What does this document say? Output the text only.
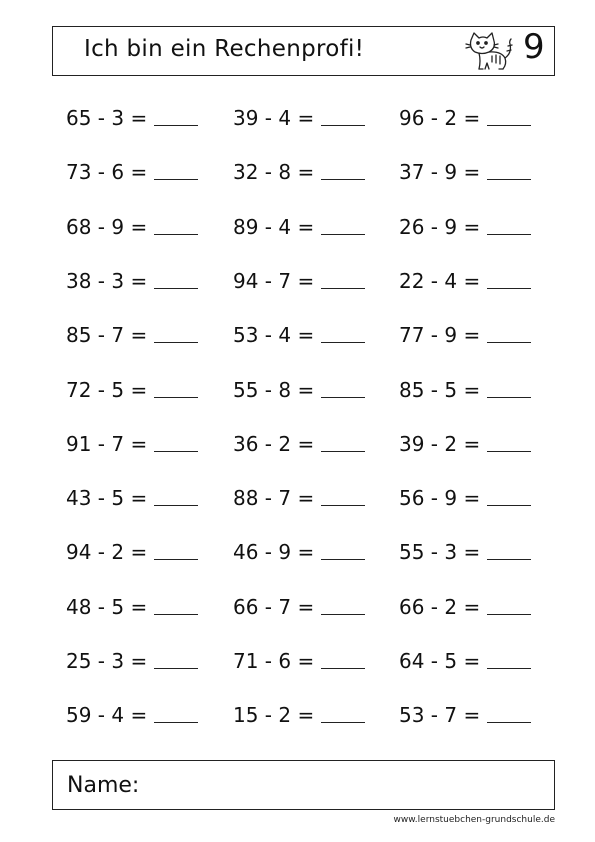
Ich bin ein Rechenprofi!	9
65 - 3 =
73 - 6 =
68 - 9 =
38 - 3 =
85 - 7 =
72 - 5 =
91 - 7 =
43 - 5 =
94 - 2 =
48 - 5 =
25 - 3 =
59 - 4 =
39 - 4 =
32 - 8 =
89 - 4 =
94 - 7 =
53 - 4 =
55 - 8 =
36 - 2 =
88 - 7 =
46 - 9 =
66 - 7 =
71 - 6 =
15 - 2 =
96 - 2 =
37 - 9 =
26 - 9 =
22 - 4 =
77 - 9 =
85 - 5 =
39 - 2 =
56 - 9 =
55 - 3 =
66 - 2 =
64 - 5 =
53 - 7 =
Name:
www.lernstuebchen-grundschule.de
